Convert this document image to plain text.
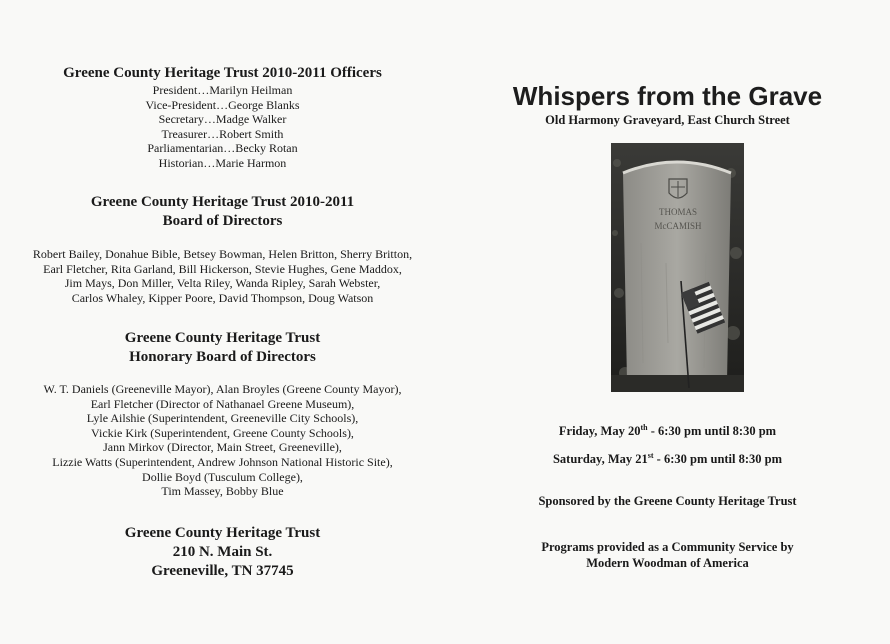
Greene County Heritage Trust 2010-2011 Officers

President…Marilyn Heilman

Vice-President…George Blanks

Secretary…Madge Walker

Treasurer…Robert Smith

Parliamentarian…Becky Rotan

Historian…Marie Harmon

Greene County Heritage Trust 2010-2011

Board of Directors

Robert Bailey, Donahue Bible, Betsey Bowman, Helen Britton, Sherry Britton,

Earl Fletcher, Rita Garland, Bill Hickerson, Stevie Hughes, Gene Maddox,

Jim Mays, Don Miller, Velta Riley, Wanda Ripley, Sarah Webster,

Carlos Whaley, Kipper Poore, David Thompson, Doug Watson

Greene County Heritage Trust

Honorary Board of Directors

W. T. Daniels (Greeneville Mayor), Alan Broyles (Greene County Mayor),

Earl Fletcher (Director of Nathanael Greene Museum),

Lyle Ailshie (Superintendent, Greeneville City Schools),

Vickie Kirk (Superintendent, Greene County Schools),

Jann Mirkov (Director, Main Street, Greeneville),

Lizzie Watts (Superintendent, Andrew Johnson National Historic Site),

Dollie Boyd (Tusculum College),

Tim Massey, Bobby Blue

Greene County Heritage Trust

210 N. Main St.

Greeneville, TN 37745

Whispers from the Grave

Old Harmony Graveyard, East Church Street

THOMAS
McCAMISH

Friday, May 20th - 6:30 pm until 8:30 pm

Saturday, May 21st - 6:30 pm until 8:30 pm

Sponsored by the Greene County Heritage Trust

Programs provided as a Community Service by

Modern Woodman of America
